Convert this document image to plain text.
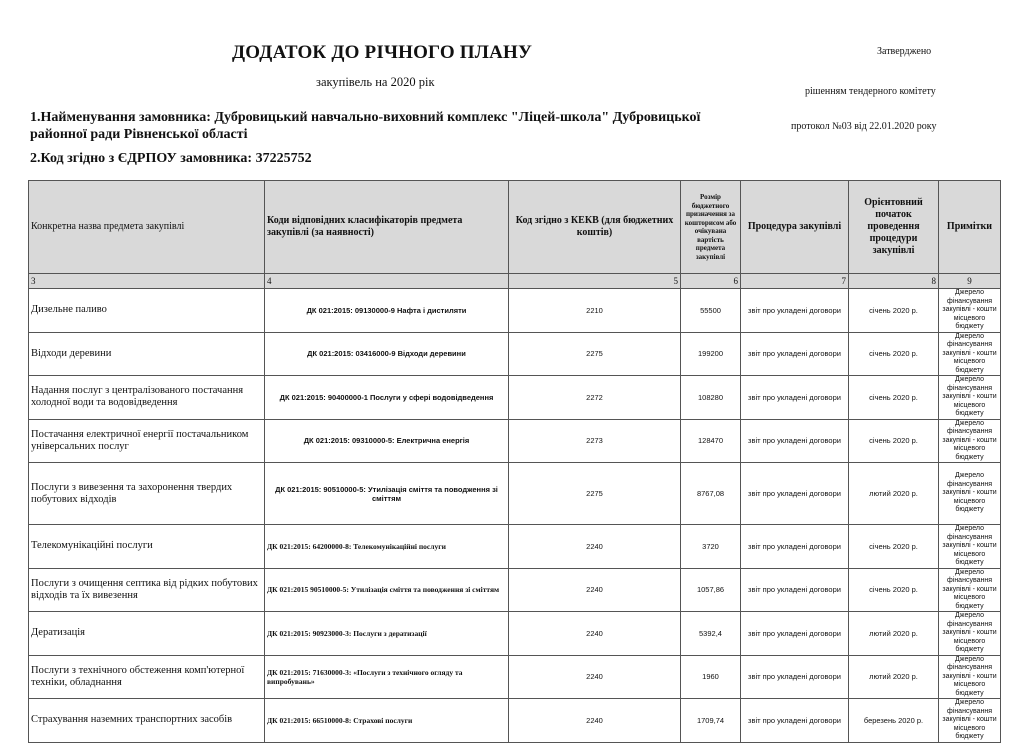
ДОДАТОК ДО РІЧНОГО ПЛАНУ
закупівель на 2020 рік
Затверджено
рішенням тендерного комітету
протокол №03 від 22.01.2020 року
1.Найменування замовника: Дубровицький навчально-виховний комплекс "Ліцей-школа" Дубровицької районної ради Рівненської області
2.Код згідно з ЄДРПОУ замовника: 37225752
Конкретна назва предмета закупівлі	Коди відповідних класифікаторів предмета закупівлі (за наявності)	Код згідно з КЕКВ (для бюджетних коштів)	Розмір бюджетного призначення за кошторисом або очікувана вартість предмета закупівлі	Процедура закупівлі	Орієнтовний початок проведення процедури закупівлі	Примітки
3	4	5	6	7	8	9
Дизельне паливо	ДК 021:2015: 09130000-9 Нафта і дистиляти	2210	55500	звіт про укладені договори	січень 2020 р.	Джерело фінансування закупівлі - кошти місцевого бюджету
Відходи деревини	ДК 021:2015: 03416000-9 Відходи деревини	2275	199200	звіт про укладені договори	січень 2020 р.	Джерело фінансування закупівлі - кошти місцевого бюджету
Надання послуг з централізованого постачання холодної води та водовідведення	ДК 021:2015: 90400000-1 Послуги у сфері водовідведення	2272	108280	звіт про укладені договори	січень 2020 р.	Джерело фінансування закупівлі - кошти місцевого бюджету
Постачання електричної енергії постачальником універсальних послуг	ДК 021:2015: 09310000-5: Електрична енергія	2273	128470	звіт про укладені договори	січень 2020 р.	Джерело фінансування закупівлі - кошти місцевого бюджету
Послуги з вивезення та захоронення твердих побутових відходів	ДК 021:2015: 90510000-5: Утилізація сміття та поводження зі сміттям	2275	8767,08	звіт про укладені договори	лютий 2020 р.	Джерело фінансування закупівлі - кошти місцевого бюджету
Телекомунікаційні послуги	ДК 021:2015: 64200000-8: Телекомунікаційні послуги	2240	3720	звіт про укладені договори	січень 2020 р.	Джерело фінансування закупівлі - кошти місцевого бюджету
Послуги з очищення септика від рідких побутових відходів та їх вивезення	ДК 021:2015 90510000-5: Утилізація сміття та поводження зі сміттям	2240	1057,86	звіт про укладені договори	січень 2020 р.	Джерело фінансування закупівлі - кошти місцевого бюджету
Дератизація	ДК 021:2015: 90923000-3: Послуги з дератизації	2240	5392,4	звіт про укладені договори	лютий 2020 р.	Джерело фінансування закупівлі - кошти місцевого бюджету
Послуги з технічного обстеження комп'ютерної техніки, обладнання	ДК 021:2015: 71630000-3: «Послуги з технічного огляду та випробувань»	2240	1960	звіт про укладені договори	лютий 2020 р.	Джерело фінансування закупівлі - кошти місцевого бюджету
Страхування наземних транспортних засобів	ДК 021:2015: 66510000-8: Страхові послуги	2240	1709,74	звіт про укладені договори	березень 2020 р.	Джерело фінансування закупівлі - кошти місцевого бюджету
